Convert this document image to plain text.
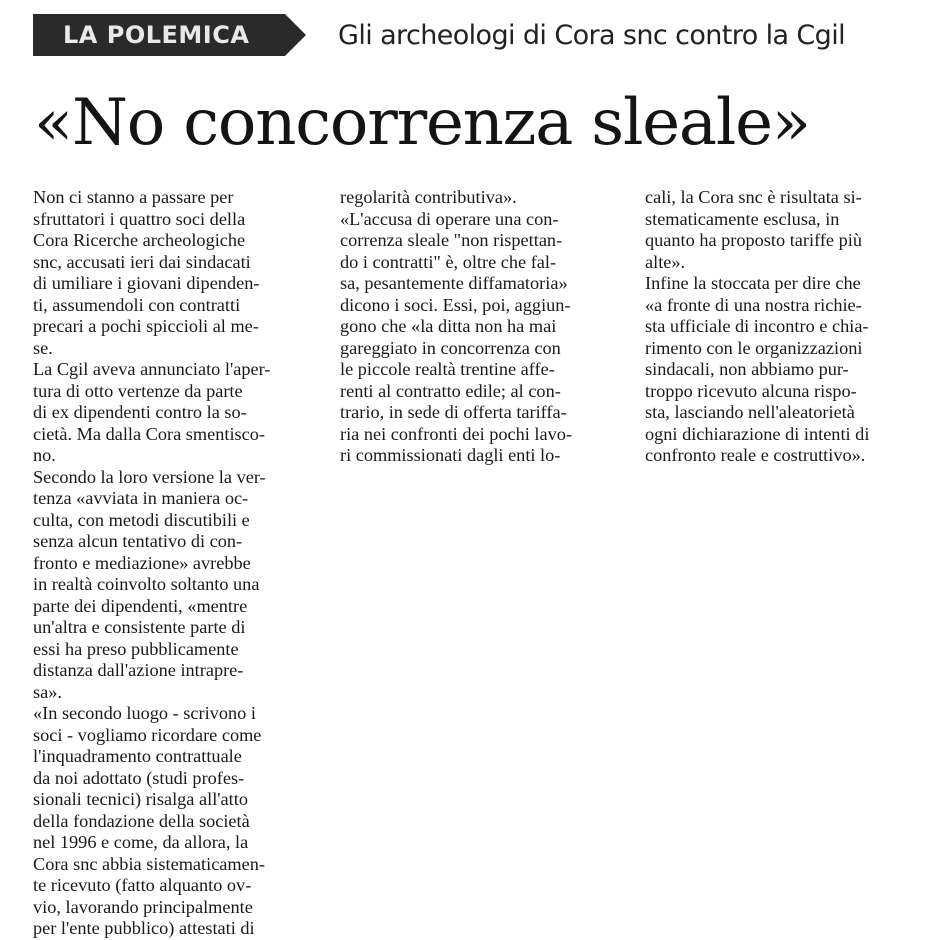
LA POLEMICA	Gli archeologi di Cora snc contro la Cgil
«No concorrenza sleale»
Non ci stanno a passare per
sfruttatori i quattro soci della
Cora Ricerche archeologiche
snc, accusati ieri dai sindacati
di umiliare i giovani dipenden-
ti, assumendoli con contratti
precari a pochi spiccioli al me-
se.
La Cgil aveva annunciato l'aper-
tura di otto vertenze da parte
di ex dipendenti contro la so-
cietà. Ma dalla Cora smentisco-
no.
Secondo la loro versione la ver-
tenza «avviata in maniera oc-
culta, con metodi discutibili e
senza alcun tentativo di con-
fronto e mediazione» avrebbe
in realtà coinvolto soltanto una
parte dei dipendenti, «mentre
un'altra e consistente parte di
essi ha preso pubblicamente
distanza dall'azione intrapre-
sa».
«In secondo luogo - scrivono i
soci - vogliamo ricordare come
l'inquadramento contrattuale
da noi adottato (studi profes-
sionali tecnici) risalga all'atto
della fondazione della società
nel 1996 e come, da allora, la
Cora snc abbia sistematicamen-
te ricevuto (fatto alquanto ov-
vio, lavorando principalmente
per l'ente pubblico) attestati di
regolarità contributiva».
«L'accusa di operare una con-
correnza sleale "non rispettan-
do i contratti" è, oltre che fal-
sa, pesantemente diffamatoria»
dicono i soci. Essi, poi, aggiun-
gono che «la ditta non ha mai
gareggiato in concorrenza con
le piccole realtà trentine affe-
renti al contratto edile; al con-
trario, in sede di offerta tariffa-
ria nei confronti dei pochi lavo-
ri commissionati dagli enti lo-
cali, la Cora snc è risultata si-
stematicamente esclusa, in
quanto ha proposto tariffe più
alte».
Infine la stoccata per dire che
«a fronte di una nostra richie-
sta ufficiale di incontro e chia-
rimento con le organizzazioni
sindacali, non abbiamo pur-
troppo ricevuto alcuna rispo-
sta, lasciando nell'aleatorietà
ogni dichiarazione di intenti di
confronto reale e costruttivo».
